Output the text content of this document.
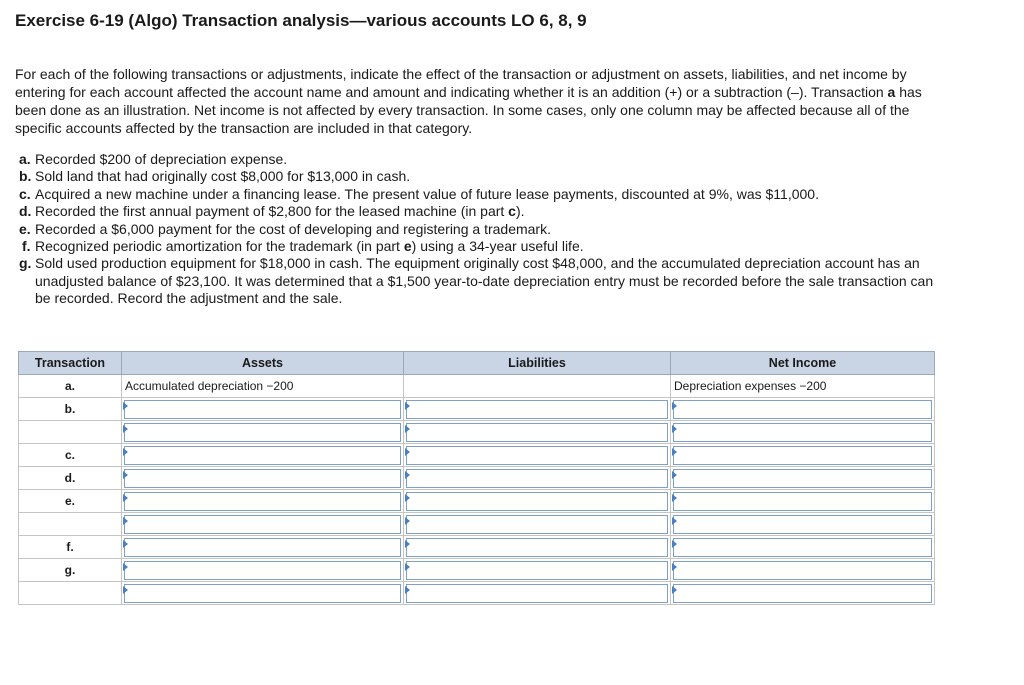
Exercise 6-19 (Algo) Transaction analysis—various accounts LO 6, 8, 9
For each of the following transactions or adjustments, indicate the effect of the transaction or adjustment on assets, liabilities, and net income by entering for each account affected the account name and amount and indicating whether it is an addition (+) or a subtraction (–). Transaction a has been done as an illustration. Net income is not affected by every transaction. In some cases, only one column may be affected because all of the specific accounts affected by the transaction are included in that category.
a. Recorded $200 of depreciation expense.
b. Sold land that had originally cost $8,000 for $13,000 in cash.
c. Acquired a new machine under a financing lease. The present value of future lease payments, discounted at 9%, was $11,000.
d. Recorded the first annual payment of $2,800 for the leased machine (in part c).
e. Recorded a $6,000 payment for the cost of developing and registering a trademark.
f. Recognized periodic amortization for the trademark (in part e) using a 34-year useful life.
g. Sold used production equipment for $18,000 in cash. The equipment originally cost $48,000, and the accumulated depreciation account has an unadjusted balance of $23,100. It was determined that a $1,500 year-to-date depreciation entry must be recorded before the sale transaction can be recorded. Record the adjustment and the sale.
Transaction	Assets	Liabilities	Net Income
a.	Accumulated depreciation −200		Depreciation expenses −200
b.	

c.	

d.	

e.	

f.	

g.	
